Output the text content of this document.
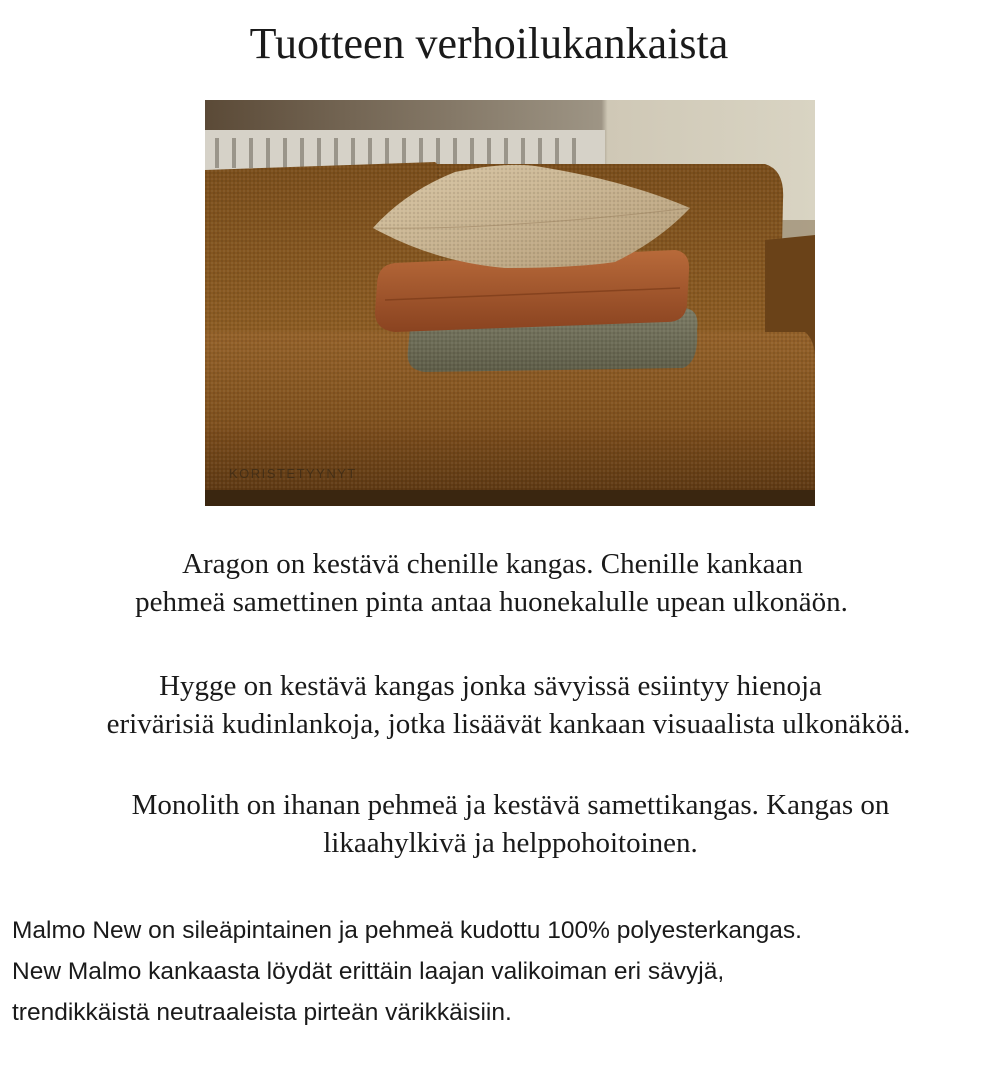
Tuotteen verhoilukankaista
KORISTETYYNYT
Aragon on kestävä chenille kangas. Chenille kankaan
pehmeä samettinen pinta antaa huonekalulle upean ulkonäön.
Hygge on kestävä kangas jonka sävyissä esiintyy hienoja
erivärisiä kudinlankoja, jotka lisäävät kankaan visuaalista ulkonäköä.
Monolith on ihanan pehmeä ja kestävä samettikangas. Kangas on
likaahylkivä ja helppohoitoinen.
Malmo New on sileäpintainen ja pehmeä kudottu 100% polyesterkangas.
New Malmo kankaasta löydät erittäin laajan valikoiman eri sävyjä,
trendikkäistä neutraaleista pirteän värikkäisiin.
